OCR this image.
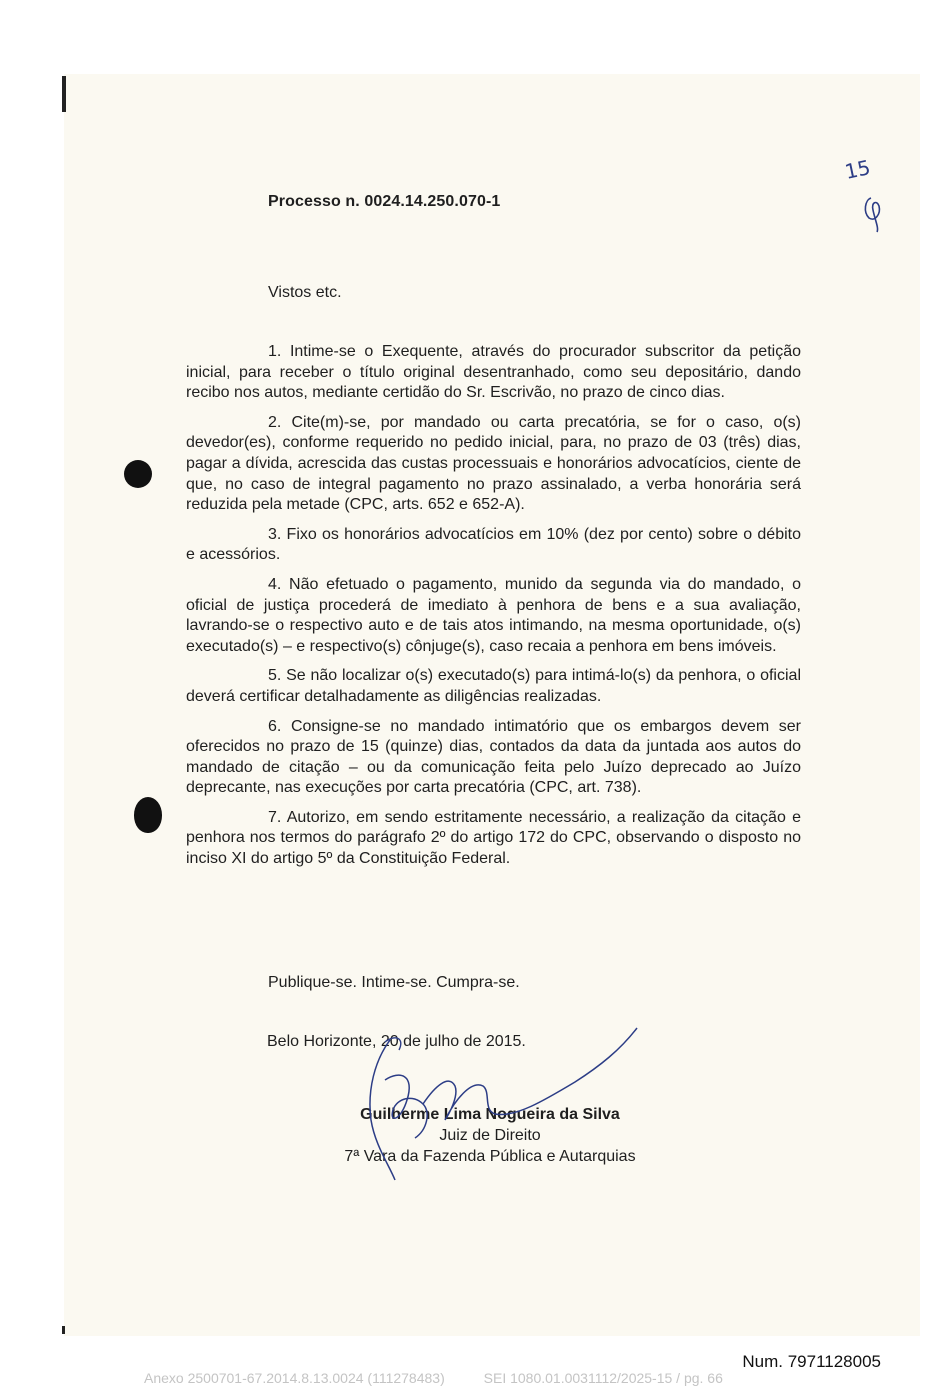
15
Processo n. 0024.14.250.070-1
Vistos etc.

1. Intime-se o Exequente, através do procurador subscritor da petição inicial, para receber o título original desentranhado, como seu depositário, dando recibo nos autos, mediante certidão do Sr. Escrivão, no prazo de cinco dias.

2. Cite(m)-se, por mandado ou carta precatória, se for o caso, o(s) devedor(es), conforme requerido no pedido inicial, para, no prazo de 03 (três) dias, pagar a dívida, acrescida das custas processuais e honorários advocatícios, ciente de que, no caso de integral pagamento no prazo assinalado, a verba honorária será reduzida pela metade (CPC, arts. 652 e 652-A).

3. Fixo os honorários advocatícios em 10% (dez por cento) sobre o débito e acessórios.

4. Não efetuado o pagamento, munido da segunda via do mandado, o oficial de justiça procederá de imediato à penhora de bens e a sua avaliação, lavrando-se o respectivo auto e de tais atos intimando, na mesma oportunidade, o(s) executado(s) – e respectivo(s) cônjuge(s), caso recaia a penhora em bens imóveis.

5. Se não localizar o(s) executado(s) para intimá-lo(s) da penhora, o oficial deverá certificar detalhadamente as diligências realizadas.

6. Consigne-se no mandado intimatório que os embargos devem ser oferecidos no prazo de 15 (quinze) dias, contados da data da juntada aos autos do mandado de citação – ou da comunicação feita pelo Juízo deprecado ao Juízo deprecante, nas execuções por carta precatória (CPC, art. 738).

7. Autorizo, em sendo estritamente necessário, a realização da citação e penhora nos termos do parágrafo 2º do artigo 172 do CPC, observando o disposto no inciso XI do artigo 5º da Constituição Federal.

Publique-se. Intime-se. Cumpra-se.
Belo Horizonte, 20 de julho de 2015.
Guilherme Lima Nogueira da Silva
Juiz de Direito
7ª Vara da Fazenda Pública e Autarquias
Num. 7971128005
Anexo 2500701-67.2014.8.13.0024 (111278483)          SEI 1080.01.0031112/2025-15 / pg. 66
